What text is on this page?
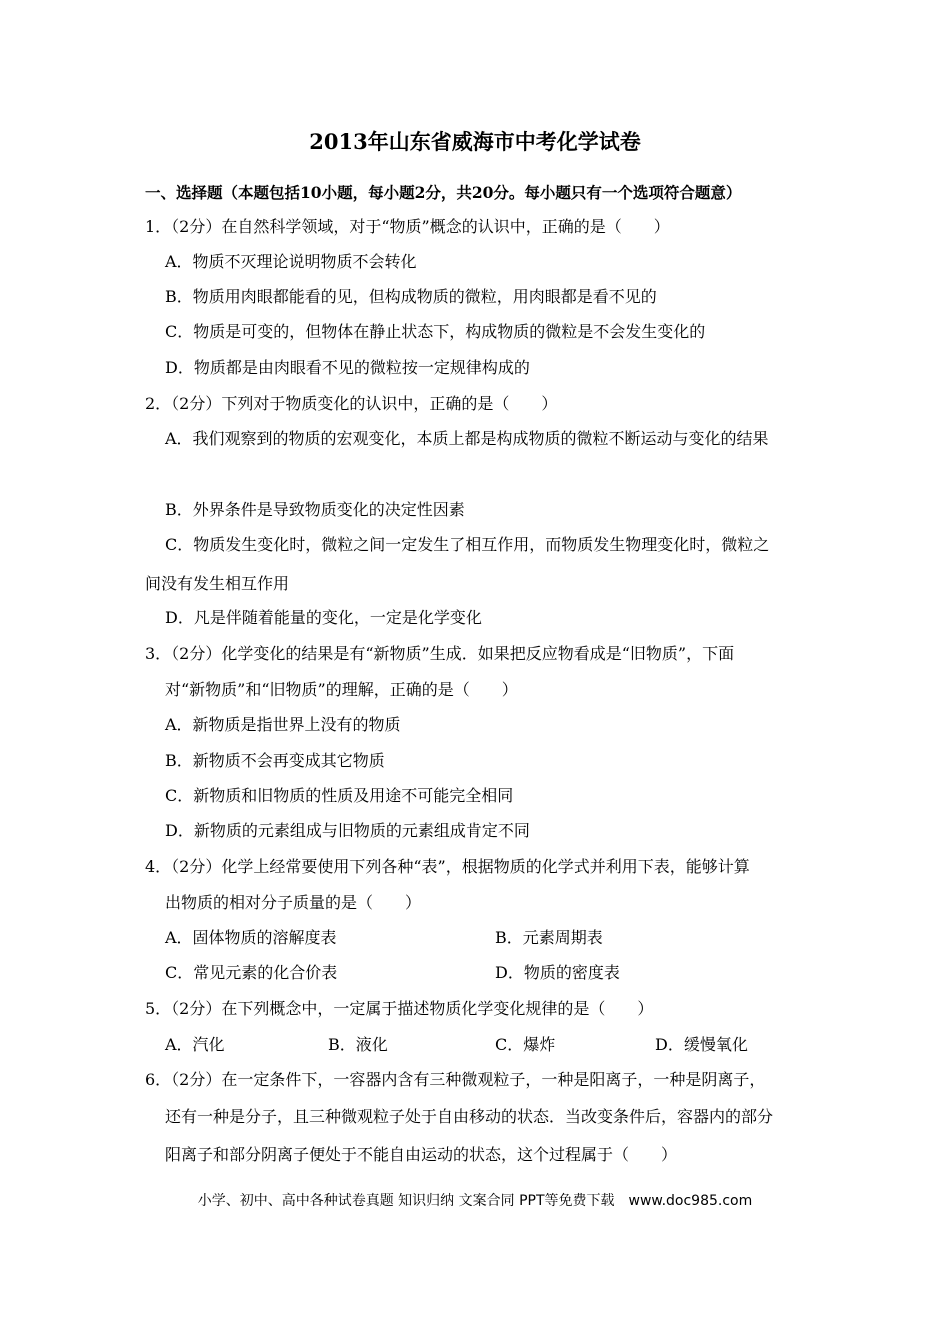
2013年山东省威海市中考化学试卷
一、选择题（本题包括10小题，每小题2分，共20分。每小题只有一个选项符合题意）
1．（2分）在自然科学领域，对于“物质”概念的认识中，正确的是（　　）
A．物质不灭理论说明物质不会转化
B．物质用肉眼都能看的见，但构成物质的微粒，用肉眼都是看不见的
C．物质是可变的，但物体在静止状态下，构成物质的微粒是不会发生变化的
D．物质都是由肉眼看不见的微粒按一定规律构成的
2．（2分）下列对于物质变化的认识中，正确的是（　　）
A．我们观察到的物质的宏观变化，本质上都是构成物质的微粒不断运动与变化的结果
B．外界条件是导致物质变化的决定性因素
C．物质发生变化时，微粒之间一定发生了相互作用，而物质发生物理变化时，微粒之
间没有发生相互作用
D．凡是伴随着能量的变化，一定是化学变化
3．（2分）化学变化的结果是有“新物质”生成．如果把反应物看成是“旧物质”，下面
对“新物质”和“旧物质”的理解，正确的是（　　）
A．新物质是指世界上没有的物质
B．新物质不会再变成其它物质
C．新物质和旧物质的性质及用途不可能完全相同
D．新物质的元素组成与旧物质的元素组成肯定不同
4．（2分）化学上经常要使用下列各种“表”，根据物质的化学式并利用下表，能够计算
出物质的相对分子质量的是（　　）
A．固体物质的溶解度表	B．元素周期表
C．常见元素的化合价表	D．物质的密度表
5．（2分）在下列概念中，一定属于描述物质化学变化规律的是（　　）
A．汽化	B．液化	C．爆炸	D．缓慢氧化
6．（2分）在一定条件下，一容器内含有三种微观粒子，一种是阳离子，一种是阴离子，
还有一种是分子，且三种微观粒子处于自由移动的状态．当改变条件后，容器内的部分
阳离子和部分阴离子便处于不能自由运动的状态，这个过程属于（　　）
小学、初中、高中各种试卷真题 知识归纳 文案合同 PPT等免费下载　www.doc985.com
